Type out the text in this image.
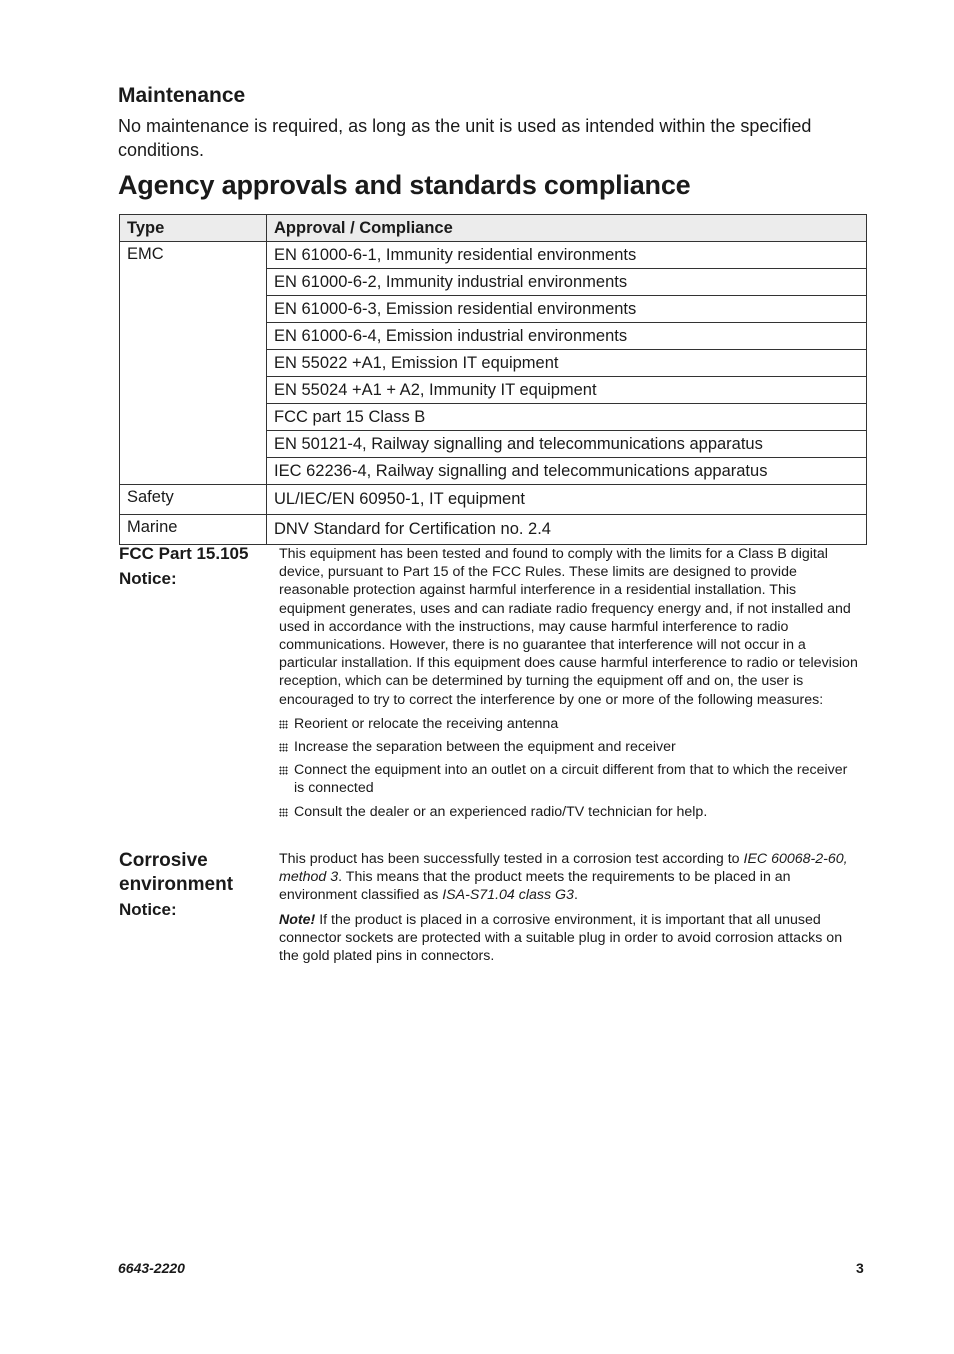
Maintenance

No maintenance is required, as long as the unit is used as intended within the specified conditions.

Agency approvals and standards compliance
Type	Approval / Compliance
EMC	EN 61000-6-1, Immunity residential environments
	EN 61000-6-2, Immunity industrial environments
	EN 61000-6-3, Emission residential environments
	EN 61000-6-4, Emission industrial environments
	EN 55022 +A1, Emission IT equipment
	EN 55024 +A1 + A2, Immunity IT equipment
	FCC part 15 Class B
	EN 50121-4, Railway signalling and telecommunications apparatus
	IEC 62236-4, Railway signalling and telecommunications apparatus
Safety	UL/IEC/EN 60950-1, IT equipment
Marine	DNV Standard for Certification no. 2.4
FCC Part 15.105
Notice:

This equipment has been tested and found to comply with the limits for a Class B digital device, pursuant to Part 15 of the FCC Rules. These limits are designed to provide reasonable protection against harmful interference in a residential installation. This equipment generates, uses and can radiate radio frequency energy and, if not installed and used in accordance with the instructions, may cause harmful interference to radio communications. However, there is no guarantee that interference will not occur in a particular installation. If this equipment does cause harmful interference to radio or television reception, which can be determined by turning the equipment off and on, the user is encouraged to try to correct the interference by one or more of the following measures:

Reorient or relocate the receiving antenna
Increase the separation between the equipment and receiver
Connect the equipment into an outlet on a circuit different from that to which the receiver is connected
Consult the dealer or an experienced radio/TV technician for help.
Corrosive
environment
Notice:

This product has been successfully tested in a corrosion test according to IEC 60068-2-60, method 3. This means that the product meets the requirements to be placed in an environment classified as ISA-S71.04 class G3.

Note! If the product is placed in a corrosive environment, it is important that all unused connector sockets are protected with a suitable plug in order to avoid corrosion attacks on the gold plated pins in connectors.

6643-2220	3
